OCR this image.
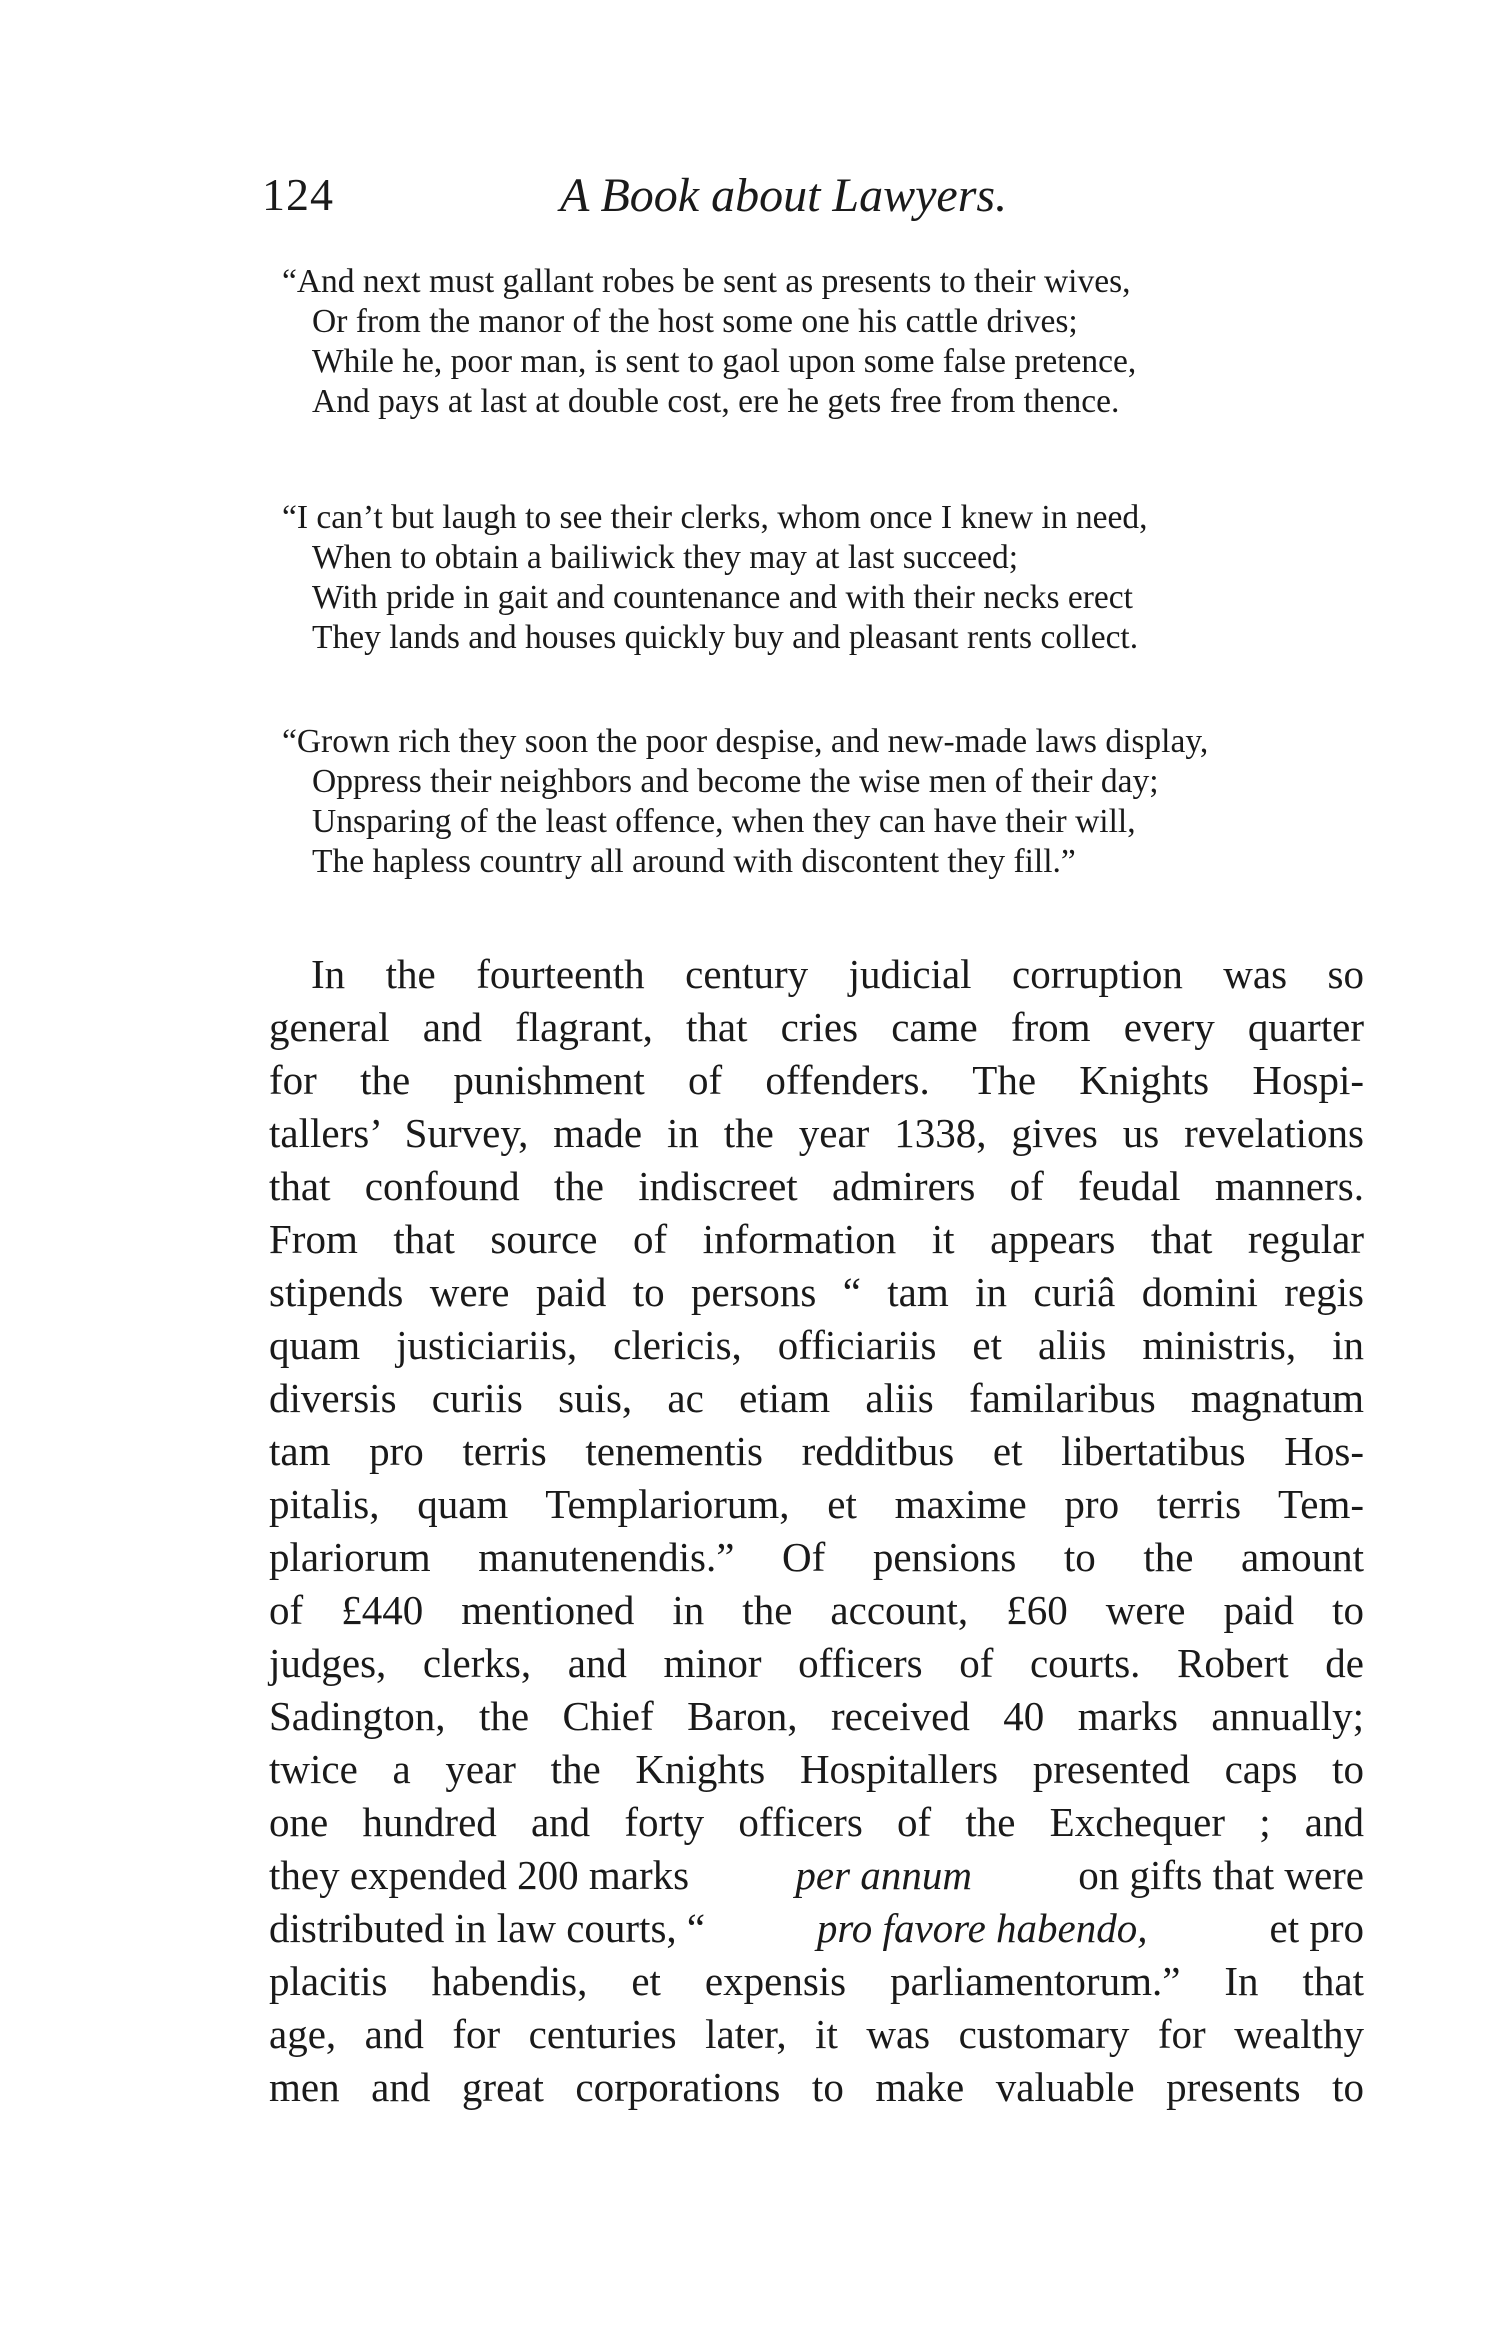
124	A Book about Lawyers.
“And next must gallant robes be sent as presents to their wives,
Or from the manor of the host some one his cattle drives;
While he, poor man, is sent to gaol upon some false pretence,
And pays at last at double cost, ere he gets free from thence.
“I can’t but laugh to see their clerks, whom once I knew in need,
When to obtain a bailiwick they may at last succeed;
With pride in gait and countenance and with their necks erect
They lands and houses quickly buy and pleasant rents collect.
“Grown rich they soon the poor despise, and new-made laws display,
Oppress their neighbors and become the wise men of their day;
Unsparing of the least offence, when they can have their will,
The hapless country all around with discontent they fill.”
In the fourteenth century judicial corruption was so
general and flagrant, that cries came from every quarter
for the punishment of offenders. The Knights Hospi-
tallers’ Survey, made in the year 1338, gives us revelations
that confound the indiscreet admirers of feudal manners.
From that source of information it appears that regular
stipends were paid to persons “ tam in curiâ domini regis
quam justiciariis, clericis, officiariis et aliis ministris, in
diversis curiis suis, ac etiam aliis familaribus magnatum
tam pro terris tenementis redditbus et libertatibus Hos-
pitalis, quam Templariorum, et maxime pro terris Tem-
plariorum manutenendis.” Of pensions to the amount
of £440 mentioned in the account, £60 were paid to
judges, clerks, and minor officers of courts. Robert de
Sadington, the Chief Baron, received 40 marks annually;
twice a year the Knights Hospitallers presented caps to
one hundred and forty officers of the Exchequer ; and
they expended 200 marks per annum on gifts that were
distributed in law courts, “	pro favore habendo,	et pro
placitis habendis, et expensis parliamentorum.” In that
age, and for centuries later, it was customary for wealthy
men and great corporations to make valuable presents to
